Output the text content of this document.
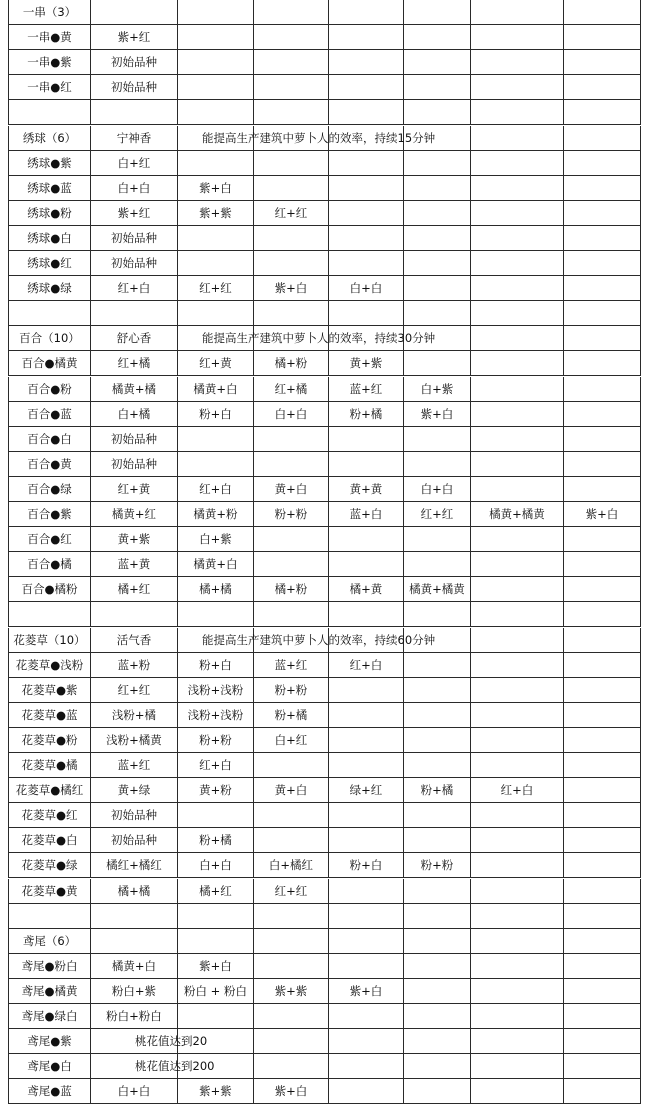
一串（3）
一串●黄	紫+红
一串●紫	初始品种
一串●红	初始品种
绣球（6）	宁神香	能提高生产建筑中萝卜人的效率，持续15分钟
绣球●紫	白+红
绣球●蓝	白+白	紫+白
绣球●粉	紫+红	紫+紫	红+红
绣球●白	初始品种
绣球●红	初始品种
绣球●绿	红+白	红+红	紫+白	白+白
百合（10）	舒心香	能提高生产建筑中萝卜人的效率，持续30分钟
百合●橘黄	红+橘	红+黄	橘+粉	黄+紫
百合●粉	橘黄+橘	橘黄+白	红+橘	蓝+红	白+紫
百合●蓝	白+橘	粉+白	白+白	粉+橘	紫+白
百合●白	初始品种
百合●黄	初始品种
百合●绿	红+黄	红+白	黄+白	黄+黄	白+白
百合●紫	橘黄+红	橘黄+粉	粉+粉	蓝+白	红+红	橘黄+橘黄	紫+白
百合●红	黄+紫	白+紫
百合●橘	蓝+黄	橘黄+白
百合●橘粉	橘+红	橘+橘	橘+粉	橘+黄	橘黄+橘黄
花菱草（10）	活气香	能提高生产建筑中萝卜人的效率，持续60分钟
花菱草●浅粉	蓝+粉	粉+白	蓝+红	红+白
花菱草●紫	红+红	浅粉+浅粉	粉+粉
花菱草●蓝	浅粉+橘	浅粉+浅粉	粉+橘
花菱草●粉	浅粉+橘黄	粉+粉	白+红
花菱草●橘	蓝+红	红+白
花菱草●橘红	黄+绿	黄+粉	黄+白	绿+红	粉+橘	红+白
花菱草●红	初始品种
花菱草●白	初始品种	粉+橘
花菱草●绿	橘红+橘红	白+白	白+橘红	粉+白	粉+粉
花菱草●黄	橘+橘	橘+红	红+红
鸢尾（6）
鸢尾●粉白	橘黄+白	紫+白
鸢尾●橘黄	粉白+紫	粉白 + 粉白	紫+紫	紫+白
鸢尾●绿白	粉白+粉白
鸢尾●紫	桃花值达到20
鸢尾●白	桃花值达到200
鸢尾●蓝	白+白	紫+紫	紫+白
